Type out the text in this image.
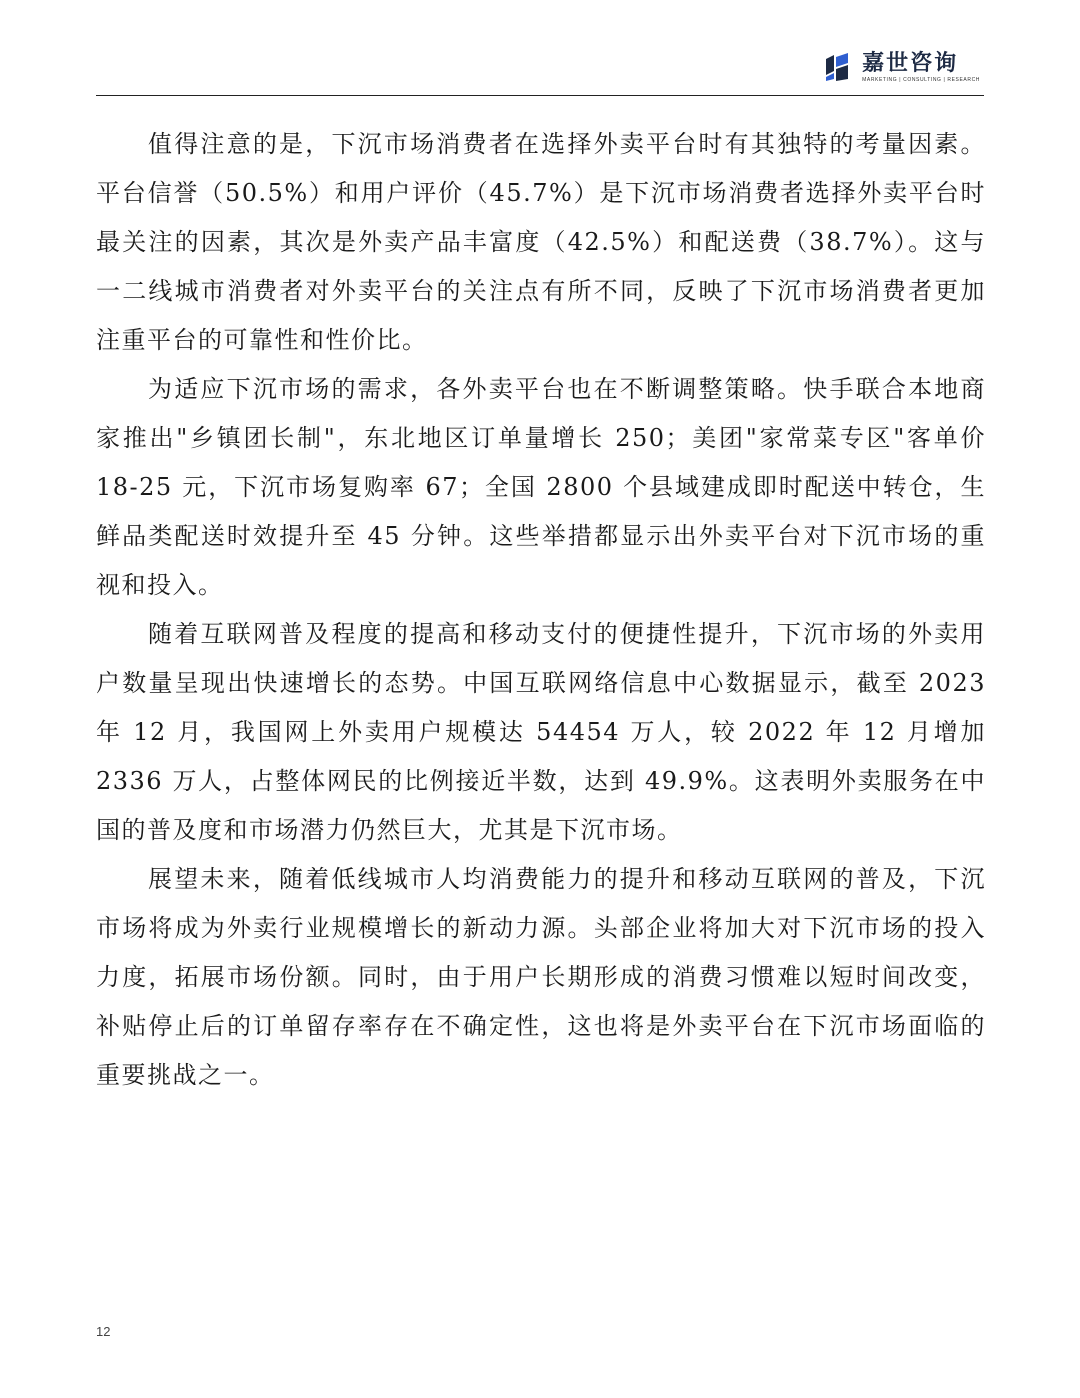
嘉世咨询
MARKETING | CONSULTING | RESEARCH

值得注意的是，下沉市场消费者在选择外卖平台时有其独特的考量因素。平台信誉（50.5%）和用户评价（45.7%）是下沉市场消费者选择外卖平台时最关注的因素，其次是外卖产品丰富度（42.5%）和配送费（38.7%）。这与一二线城市消费者对外卖平台的关注点有所不同，反映了下沉市场消费者更加注重平台的可靠性和性价比。

为适应下沉市场的需求，各外卖平台也在不断调整策略。快手联合本地商家推出"乡镇团长制"，东北地区订单量增长 250；美团"家常菜专区"客单价 18-25 元，下沉市场复购率 67；全国 2800 个县域建成即时配送中转仓，生鲜品类配送时效提升至 45 分钟。这些举措都显示出外卖平台对下沉市场的重视和投入。

随着互联网普及程度的提高和移动支付的便捷性提升，下沉市场的外卖用户数量呈现出快速增长的态势。中国互联网络信息中心数据显示，截至 2023 年 12 月，我国网上外卖用户规模达 54454 万人，较 2022 年 12 月增加 2336 万人，占整体网民的比例接近半数，达到 49.9%。这表明外卖服务在中国的普及度和市场潜力仍然巨大，尤其是下沉市场。

展望未来，随着低线城市人均消费能力的提升和移动互联网的普及，下沉市场将成为外卖行业规模增长的新动力源。头部企业将加大对下沉市场的投入力度，拓展市场份额。同时，由于用户长期形成的消费习惯难以短时间改变，补贴停止后的订单留存率存在不确定性，这也将是外卖平台在下沉市场面临的重要挑战之一。

12
